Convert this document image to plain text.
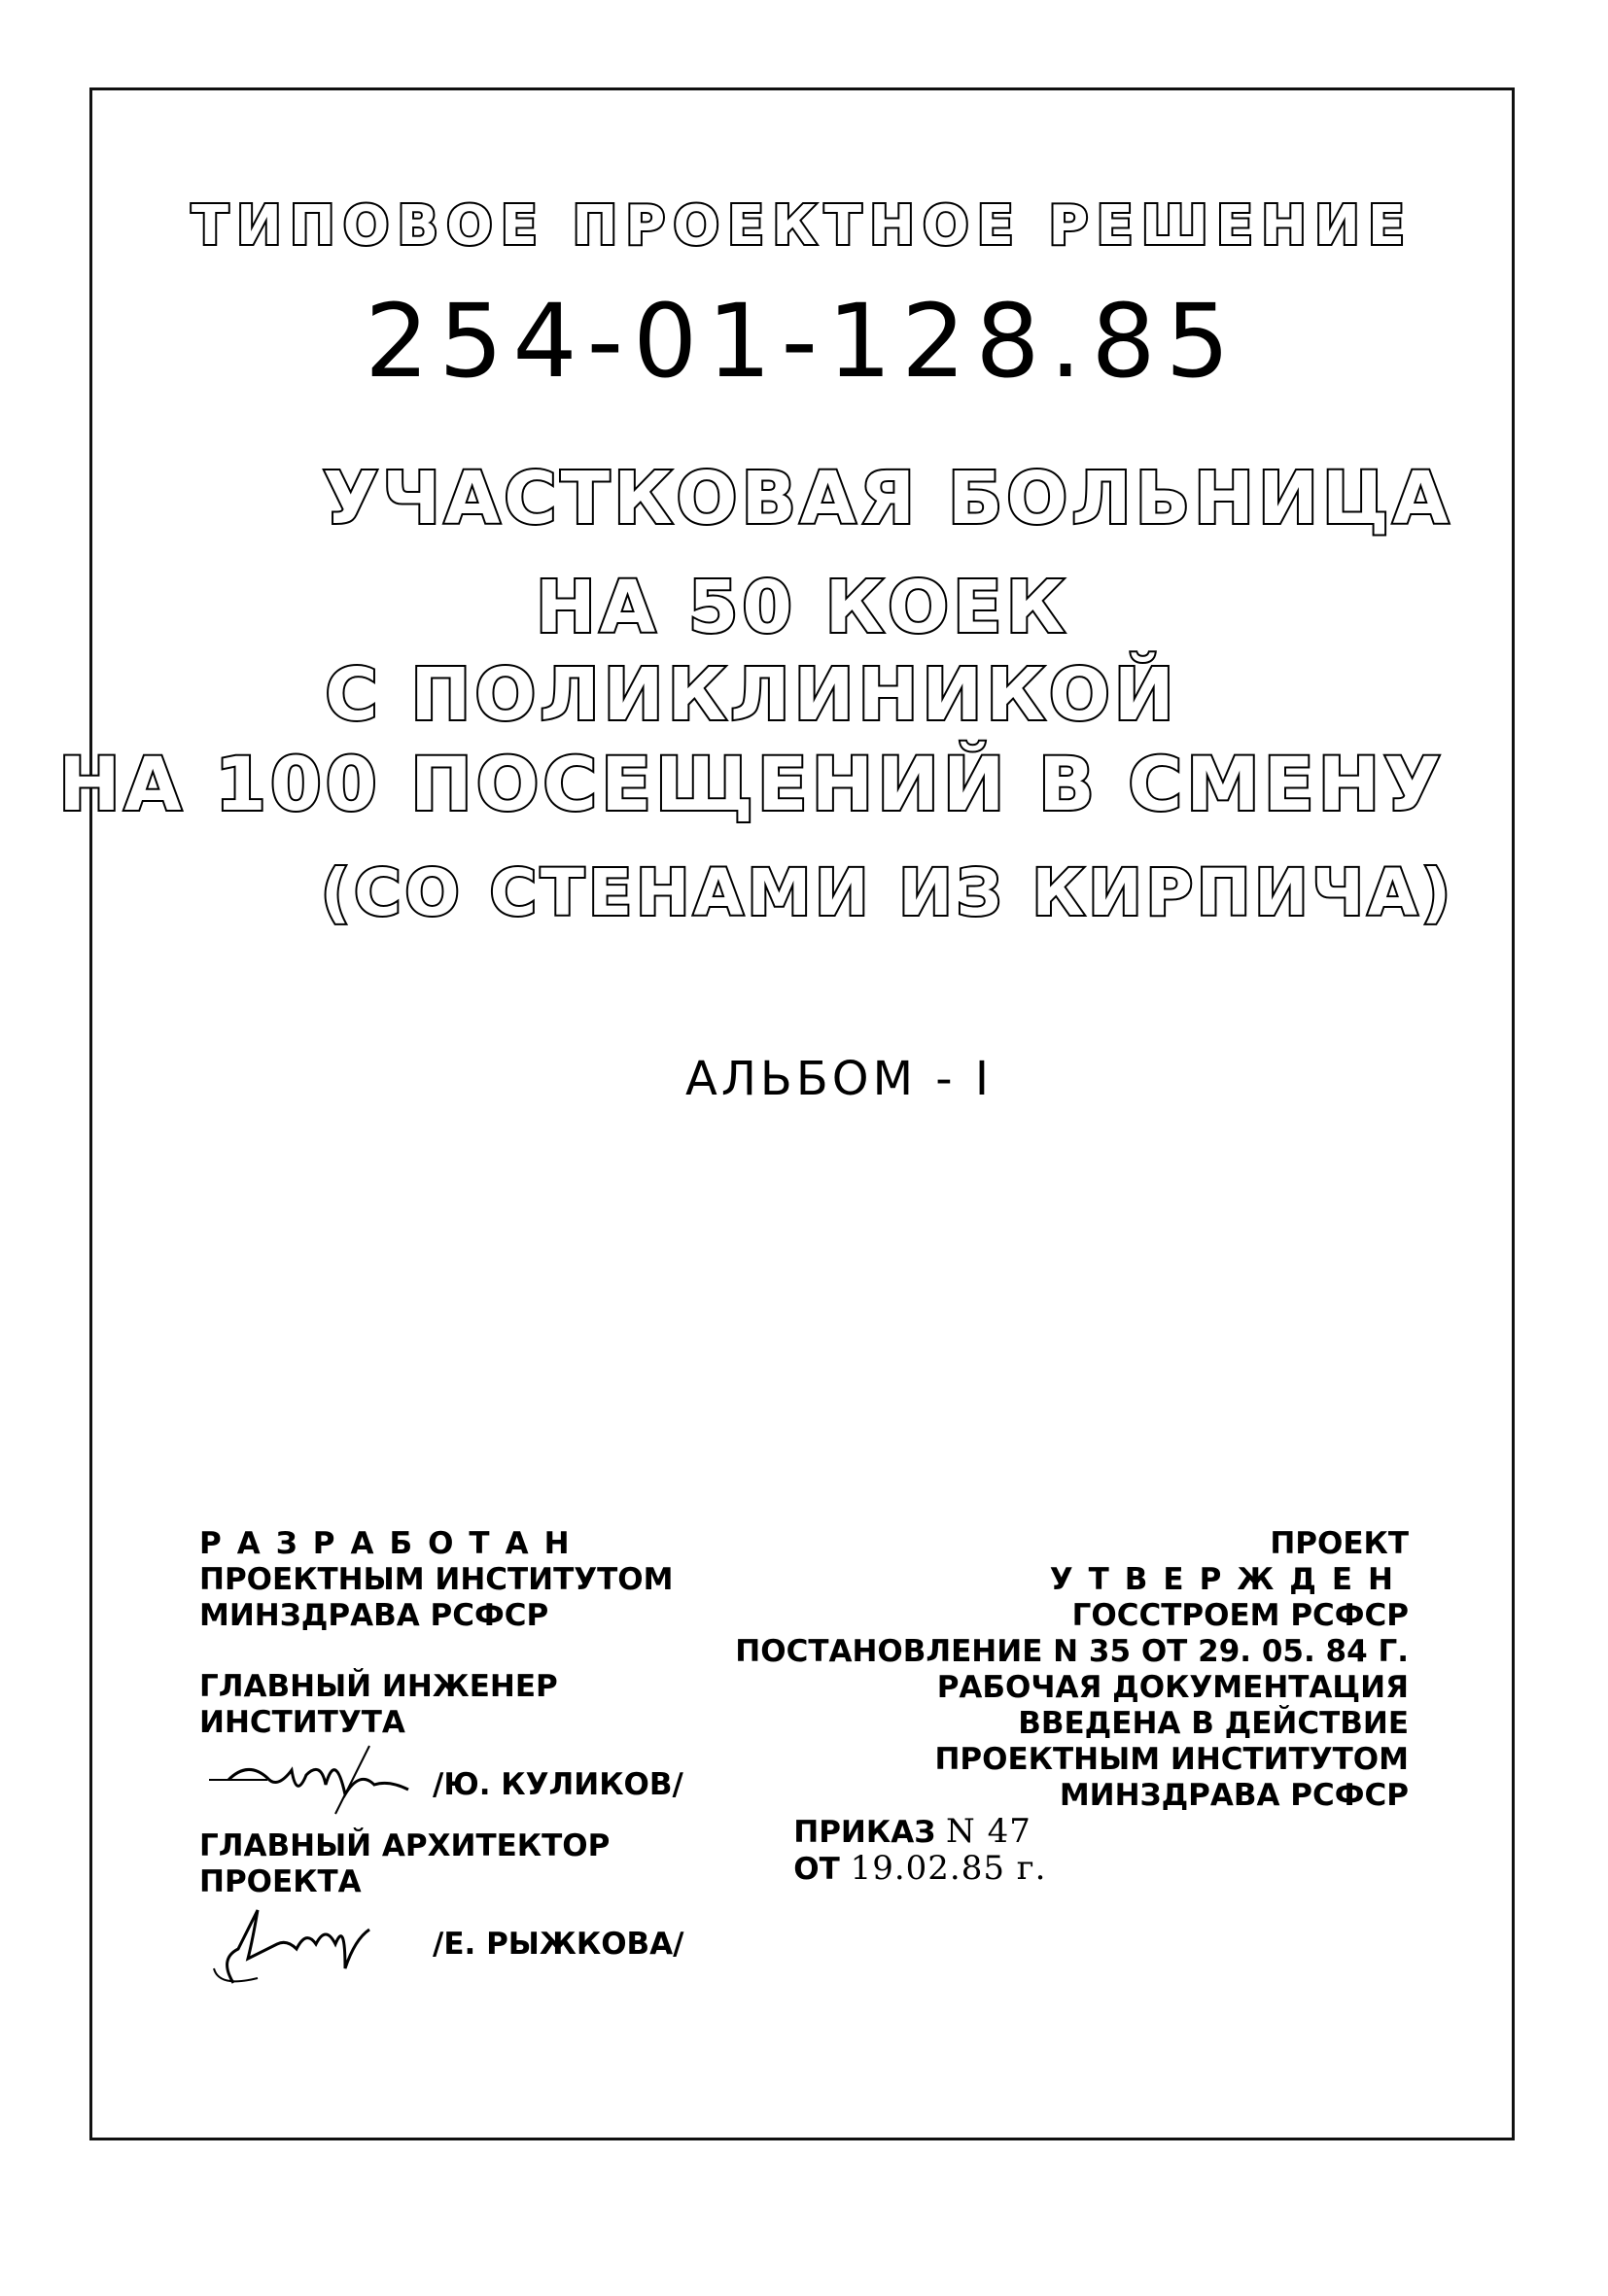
ТИПОВОЕ ПРОЕКТНОЕ РЕШЕНИЕ
254-01-128.85
УЧАСТКОВАЯ БОЛЬНИЦА
НА 50 КОЕК
С ПОЛИКЛИНИКОЙ
НА 100 ПОСЕЩЕНИЙ В СМЕНУ
(СО СТЕНАМИ ИЗ КИРПИЧА)
АЛЬБОМ - I
РАЗРАБОТАН
ПРОЕКТНЫМ ИНСТИТУТОМ
МИНЗДРАВА РСФСР
ГЛАВНЫЙ ИНЖЕНЕР
ИНСТИТУТА
/Ю. КУЛИКОВ/
ГЛАВНЫЙ АРХИТЕКТОР
ПРОЕКТА
/Е. РЫЖКОВА/
ПРОЕКТ
УТВЕРЖДЕН
ГОССТРОЕМ РСФСР
ПОСТАНОВЛЕНИЕ N 35 ОТ 29. 05. 84 Г.
РАБОЧАЯ ДОКУМЕНТАЦИЯ
ВВЕДЕНА В ДЕЙСТВИЕ
ПРОЕКТНЫМ ИНСТИТУТОМ
МИНЗДРАВА РСФСР
ПРИКАЗ N 47
ОТ 19.02.85 г.
